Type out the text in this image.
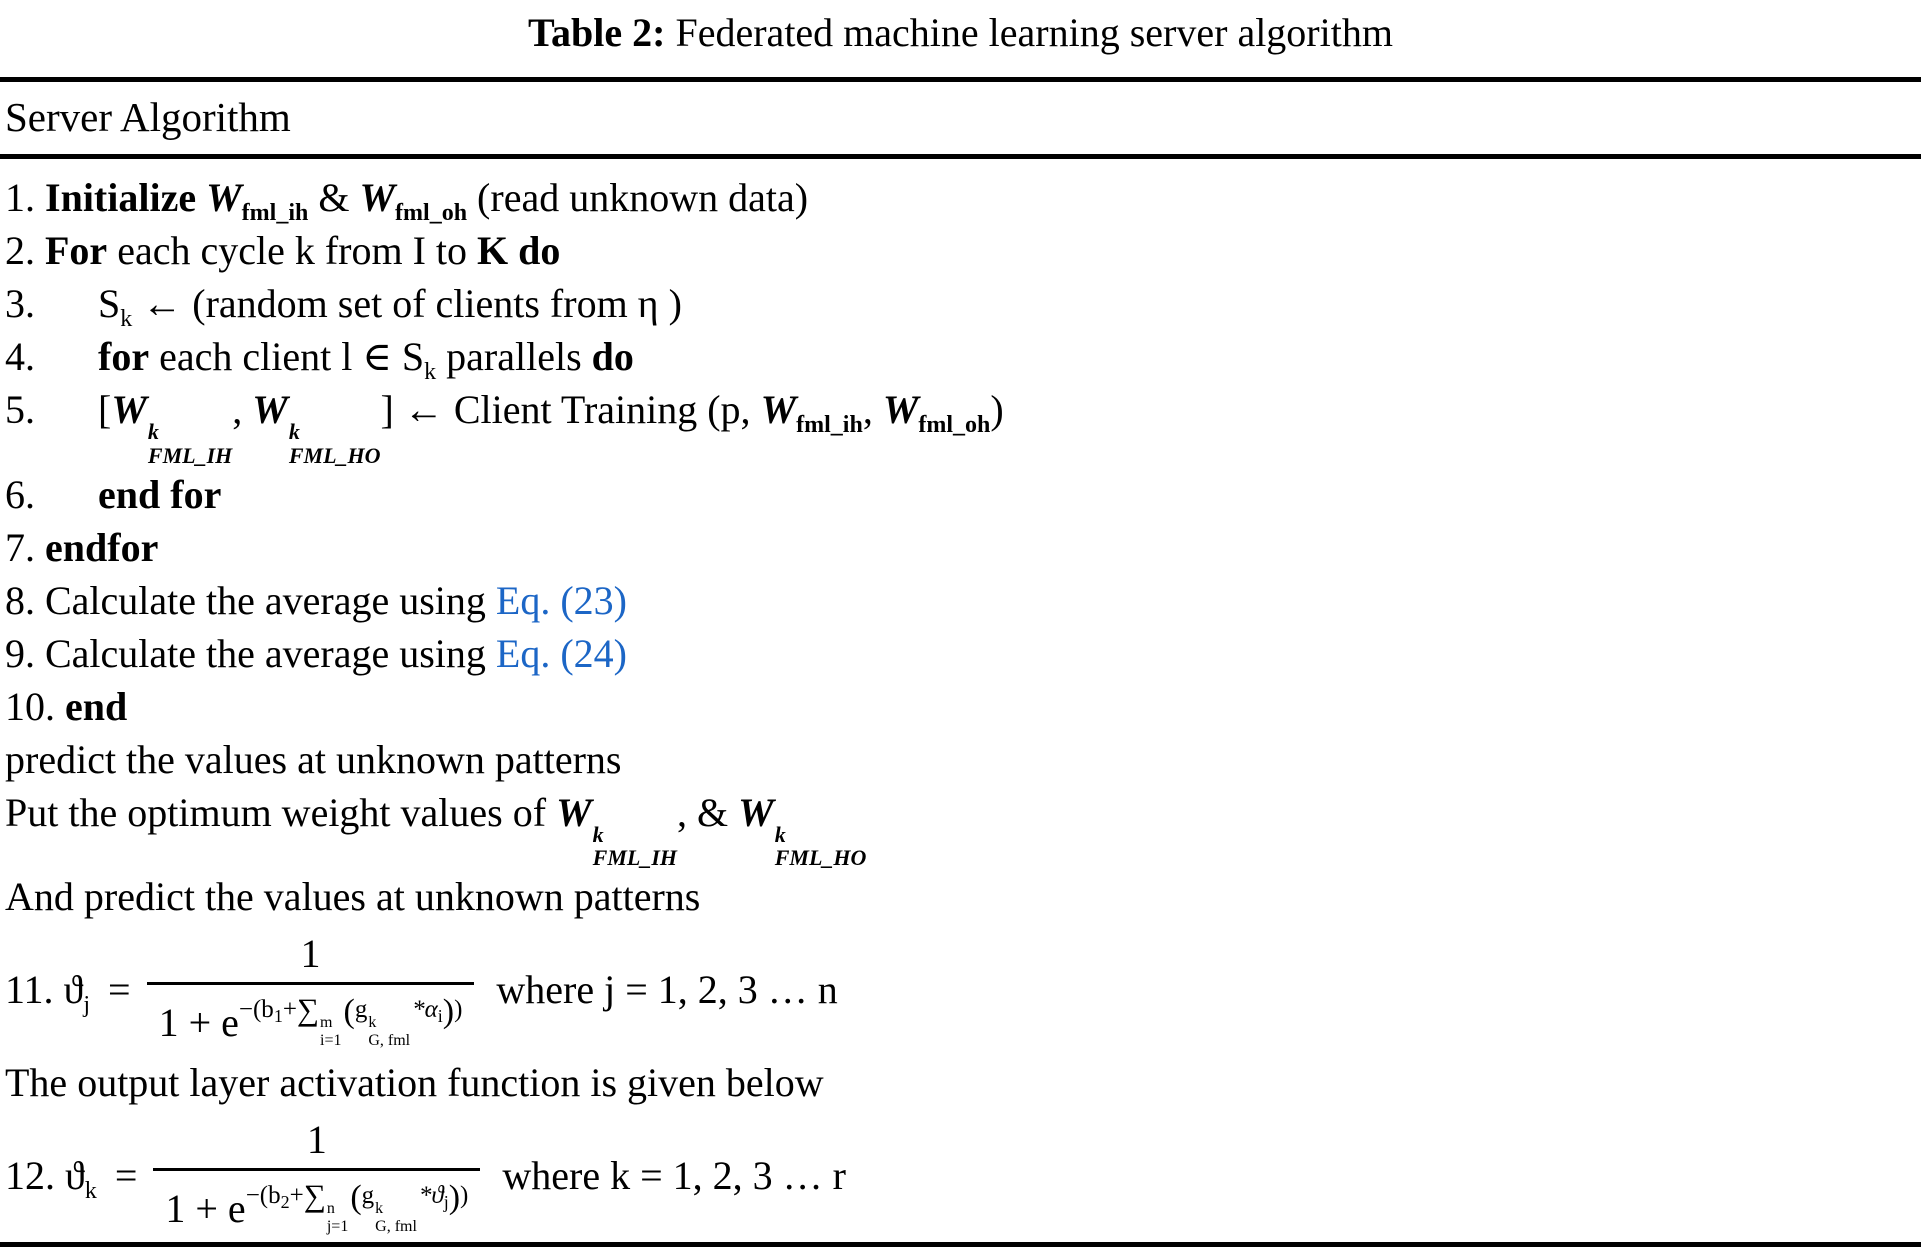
Table 2: Federated machine learning server algorithm
Server Algorithm
1. Initialize $W_{fml\_ih}$ & $W_{fml\_oh}$ (read unknown data)
2. For each cycle k from I to K do
3. $S_k$ ← (random set of clients from η )
4. for each client l ∈ $S_k$ parallels do
5. [W k
FML_IH
, W k
FML_HO
] ← Client Training (p, $W_{fml\_ih}$, $W_{fml\_oh}$)
6. end for
7. endfor
8. Calculate the average using Eq. (23)
9. Calculate the average using Eq. (24)
10. end
predict the values at unknown patterns
Put the optimum weight values of W k
FML_IH
, & W k
FML_HO
And predict the values at unknown patterns
11. $ϑ_j = 1$
$1 + e^{-(b_1+\sum m i=1 (g k G, fml *\alpha_i))}$ where j = 1, 2, 3 … n
The output layer activation function is given below
12. $ϑ_k = 1$
$1 + e^{-(b_2+\sum n j=1 (g k G, fml *ϑ_j))}$ where k = 1, 2, 3 … r
